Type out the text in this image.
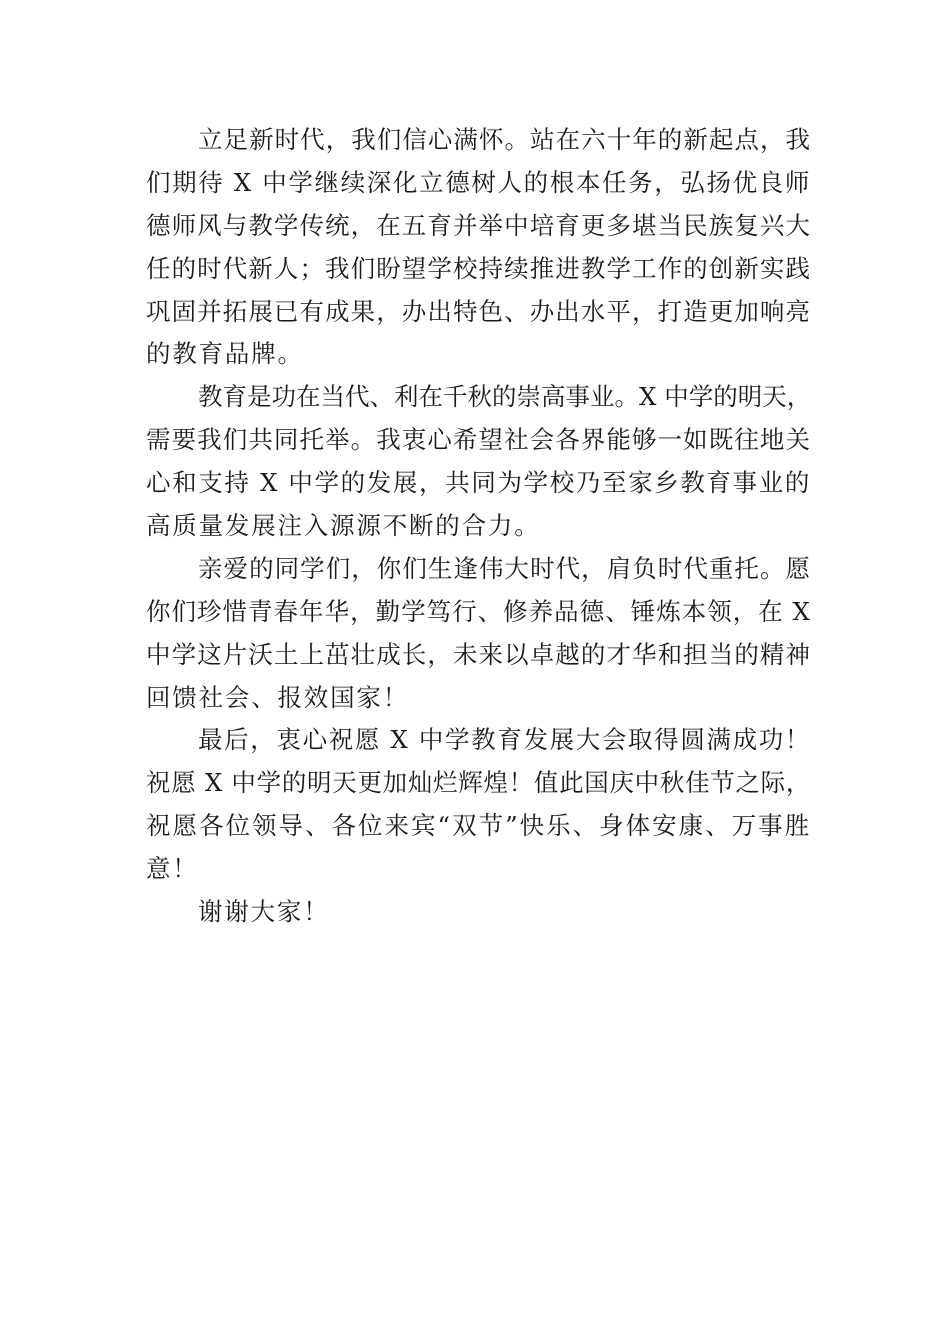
立足新时代，我们信心满怀。站在六十年的新起点，我
们期待 X 中学继续深化立德树人的根本任务，弘扬优良师
德师风与教学传统，在五育并举中培育更多堪当民族复兴大
任的时代新人；我们盼望学校持续推进教学工作的创新实践
巩固并拓展已有成果，办出特色、办出水平，打造更加响亮
的教育品牌。
教育是功在当代、利在千秋的崇高事业。X 中学的明天，
需要我们共同托举。我衷心希望社会各界能够一如既往地关
心和支持 X 中学的发展，共同为学校乃至家乡教育事业的
高质量发展注入源源不断的合力。
亲爱的同学们，你们生逢伟大时代，肩负时代重托。愿
你们珍惜青春年华，勤学笃行、修养品德、锤炼本领，在 X
中学这片沃土上茁壮成长，未来以卓越的才华和担当的精神
回馈社会、报效国家！
最后，衷心祝愿 X 中学教育发展大会取得圆满成功！
祝愿 X 中学的明天更加灿烂辉煌！值此国庆中秋佳节之际，
祝愿各位领导、各位来宾“双节”快乐、身体安康、万事胜
意！
谢谢大家！
